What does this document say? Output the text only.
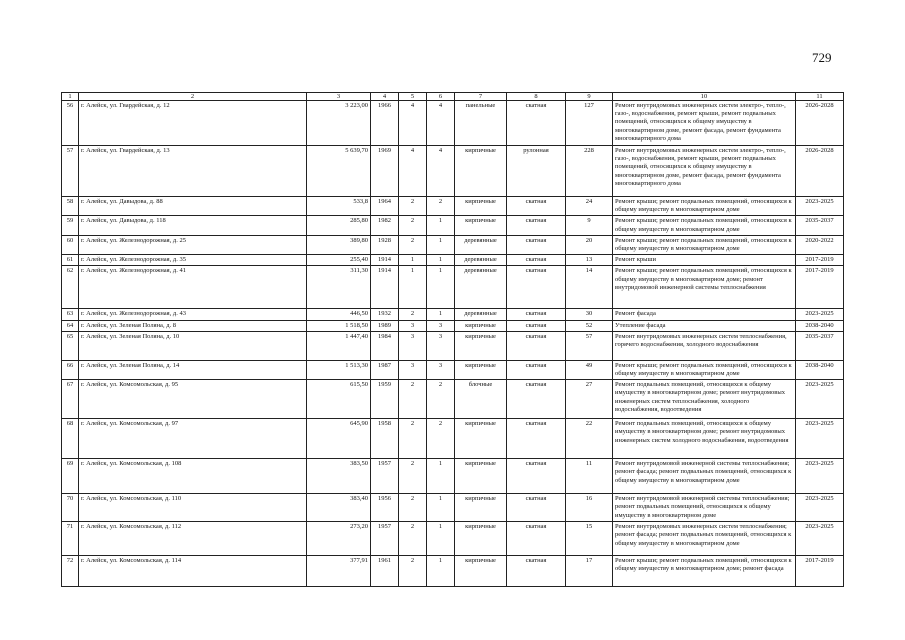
729
1	2	3	4	5	6	7	8	9	10	11
56	г. Алейск, ул. Гвардейская, д. 12	3 223,00	1966	4	4	панельные	скатная	127	Ремонт внутридомовых инженерных систем электро-, тепло-, газо-, водоснабжения, ремонт крыши, ремонт подвальных помещений, относящихся к общему имуществу в многоквартирном доме, ремонт фасада, ремонт фундамента многоквартирного дома	2026-2028
57	г. Алейск, ул. Гвардейская, д. 13	5 639,70	1969	4	4	кирпичные	рулонная	228	Ремонт внутридомовых инженерных систем электро-, тепло-, газо-, водоснабжения, ремонт крыши, ремонт подвальных помещений, относящихся к общему имуществу в многоквартирном доме, ремонт фасада, ремонт фундамента многоквартирного дома	2026-2028
58	г. Алейск, ул. Давыдова, д. 88	533,8	1964	2	2	кирпичные	скатная	24	Ремонт крыши; ремонт подвальных помещений, относящихся к общему имуществу в многоквартирном доме	2023-2025
59	г. Алейск, ул. Давыдова, д. 118	285,80	1982	2	1	кирпичные	скатная	9	Ремонт крыши; ремонт подвальных помещений, относящихся к общему имуществу в многоквартирном доме	2035-2037
60	г. Алейск, ул. Железнодорожная, д. 25	389,80	1928	2	1	деревянные	скатная	20	Ремонт крыши; ремонт подвальных помещений, относящихся к общему имуществу в многоквартирном доме	2020-2022
61	г. Алейск, ул. Железнодорожная, д. 35	255,40	1914	1	1	деревянные	скатная	13	Ремонт крыши	2017-2019
62	г. Алейск, ул. Железнодорожная, д. 41	311,30	1914	1	1	деревянные	скатная	14	Ремонт крыши; ремонт подвальных помещений, относящихся к общему имуществу в многоквартирном доме; ремонт внутридомовой инженерной системы теплоснабжения	2017-2019
63	г. Алейск, ул. Железнодорожная, д. 43	446,50	1932	2	1	деревянные	скатная	30	Ремонт фасада	2023-2025
64	г. Алейск, ул. Зеленая Поляна, д. 8	1 518,50	1989	3	3	кирпичные	скатная	52	Утепление фасада	2038-2040
65	г. Алейск, ул. Зеленая Поляна, д. 10	1 447,40	1984	3	3	кирпичные	скатная	57	Ремонт внутридомовых инженерных систем теплоснабжения, горячего водоснабжения, холодного водоснабжения	2035-2037
66	г. Алейск, ул. Зеленая Поляна, д. 14	1 513,30	1987	3	3	кирпичные	скатная	49	Ремонт крыши; ремонт подвальных помещений, относящихся к общему имуществу в многоквартирном доме	2038-2040
67	г. Алейск, ул. Комсомольская, д. 95	615,50	1959	2	2	блочные	скатная	27	Ремонт подвальных помещений, относящихся к общему имуществу в многоквартирном доме; ремонт внутридомовых инженерных систем теплоснабжения, холодного водоснабжения, водоотведения	2023-2025
68	г. Алейск, ул. Комсомольская, д. 97	645,90	1958	2	2	кирпичные	скатная	22	Ремонт подвальных помещений, относящихся к общему имуществу в многоквартирном доме; ремонт внутридомовых инженерных систем холодного водоснабжения, водоотведения	2023-2025
69	г. Алейск, ул. Комсомольская, д. 108	383,50	1957	2	1	кирпичные	скатная	11	Ремонт внутридомовой инженерной системы теплоснабжения; ремонт фасада; ремонт подвальных помещений, относящихся к общему имуществу в многоквартирном доме	2023-2025
70	г. Алейск, ул. Комсомольская, д. 110	383,40	1956	2	1	кирпичные	скатная	16	Ремонт внутридомовой инженерной системы теплоснабжения; ремонт подвальных помещений, относящихся к общему имуществу в многоквартирном доме	2023-2025
71	г. Алейск, ул. Комсомольская, д. 112	273,20	1957	2	1	кирпичные	скатная	15	Ремонт внутридомовых инженерных систем теплоснабжения; ремонт фасада; ремонт подвальных помещений, относящихся к общему имуществу в многоквартирном доме	2023-2025
72	г. Алейск, ул. Комсомольская, д. 114	377,91	1961	2	1	кирпичные	скатная	17	Ремонт крыши; ремонт подвальных помещений, относящихся к общему имуществу в многоквартирном доме; ремонт фасада	2017-2019
